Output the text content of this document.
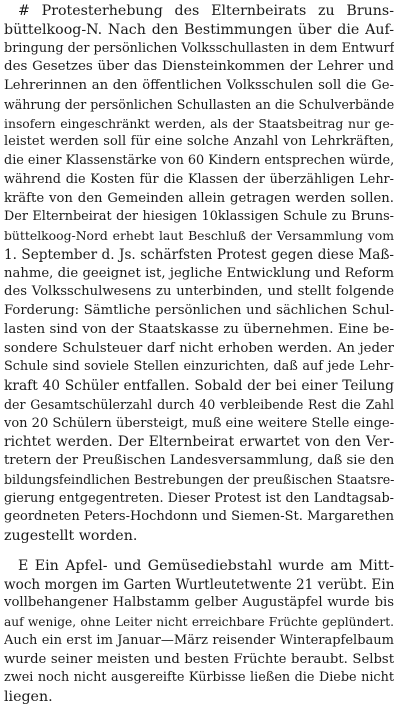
# Protesterhebung des Elternbeirats zu Bruns-
büttelkoog-N. Nach den Bestimmungen über die Auf-
bringung der persönlichen Volksschullasten in dem Entwurf
des Gesetzes über das Diensteinkommen der Lehrer und
Lehrerinnen an den öffentlichen Volksschulen soll die Ge-
währung der persönlichen Schullasten an die Schulverbände
insofern eingeschränkt werden, als der Staatsbeitrag nur ge-
leistet werden soll für eine solche Anzahl von Lehrkräften,
die einer Klassenstärke von 60 Kindern entsprechen würde,
während die Kosten für die Klassen der überzähligen Lehr-
kräfte von den Gemeinden allein getragen werden sollen.
Der Elternbeirat der hiesigen 10klassigen Schule zu Bruns-
büttelkoog-Nord erhebt laut Beschluß der Versammlung vom
1. September d. Js. schärfsten Protest gegen diese Maß-
nahme, die geeignet ist, jegliche Entwicklung und Reform
des Volksschulwesens zu unterbinden, und stellt folgende
Forderung: Sämtliche persönlichen und sächlichen Schul-
lasten sind von der Staatskasse zu übernehmen. Eine be-
sondere Schulsteuer darf nicht erhoben werden. An jeder
Schule sind soviele Stellen einzurichten, daß auf jede Lehr-
kraft 40 Schüler entfallen. Sobald der bei einer Teilung
der Gesamtschülerzahl durch 40 verbleibende Rest die Zahl
von 20 Schülern übersteigt, muß eine weitere Stelle einge-
richtet werden. Der Elternbeirat erwartet von den Ver-
tretern der Preußischen Landesversammlung, daß sie den
bildungsfeindlichen Bestrebungen der preußischen Staatsre-
gierung entgegentreten. Dieser Protest ist den Landtagsab-
geordneten Peters-Hochdonn und Siemen-St. Margarethen
zugestellt worden.
E Ein Apfel- und Gemüsediebstahl wurde am Mitt-
woch morgen im Garten Wurtleutetwente 21 verübt. Ein
vollbehangener Halbstamm gelber Augustäpfel wurde bis
auf wenige, ohne Leiter nicht erreichbare Früchte geplündert.
Auch ein erst im Januar—März reisender Winterapfelbaum
wurde seiner meisten und besten Früchte beraubt. Selbst
zwei noch nicht ausgereifte Kürbisse ließen die Diebe nicht
liegen.
